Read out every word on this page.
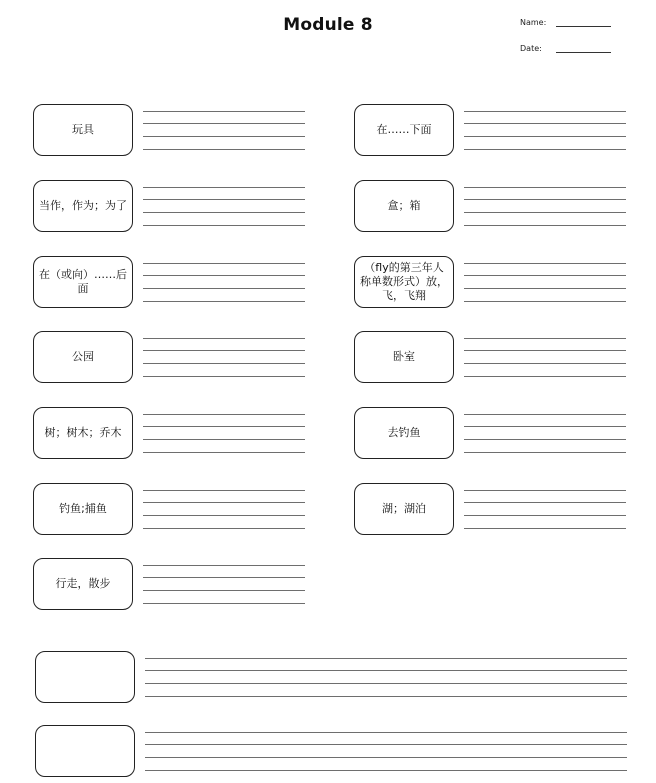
Module 8	Name:
Date:
玩具
当作，作为；为了
在（或向）……后面
公园
树；树木；乔木
钓鱼;捕鱼
行走，散步
在……下面
盒；箱
（fly的第三年人称单数形式）放，飞，飞翔
卧室
去钓鱼
湖；湖泊
